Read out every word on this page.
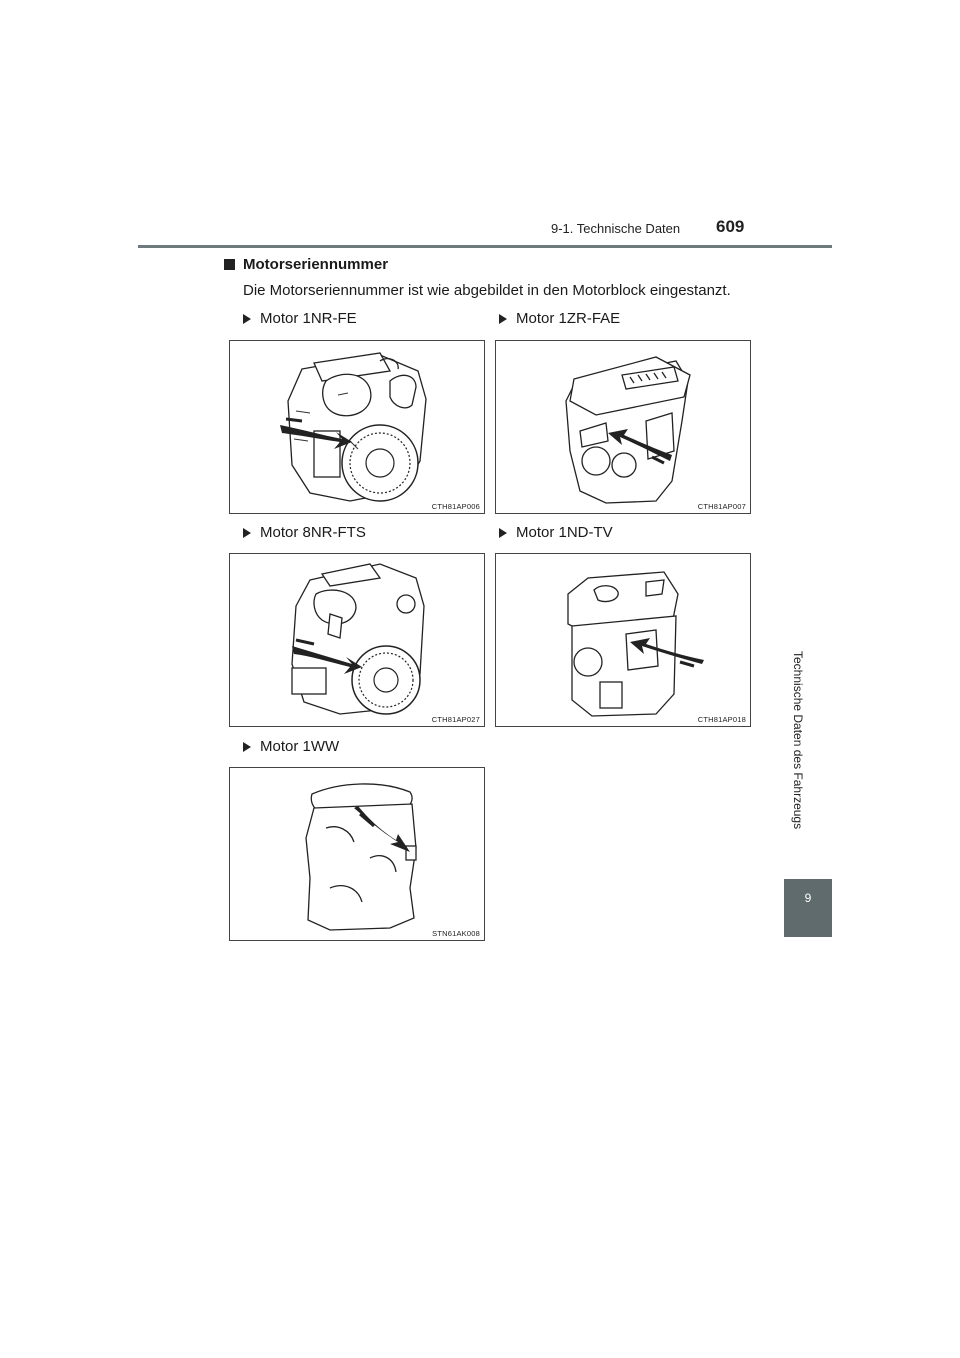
9-1. Technische Daten 609
Technische Daten des Fahrzeugs
9
Motorseriennummer
Die Motorseriennummer ist wie abgebildet in den Motorblock eingestanzt.
Motor 1NR-FE	Motor 1ZR-FAE
Motor 8NR-FTS	Motor 1ND-TV
Motor 1WW
CTH81AP006	CTH81AP007
CTH81AP027	CTH81AP018
STN61AK008
